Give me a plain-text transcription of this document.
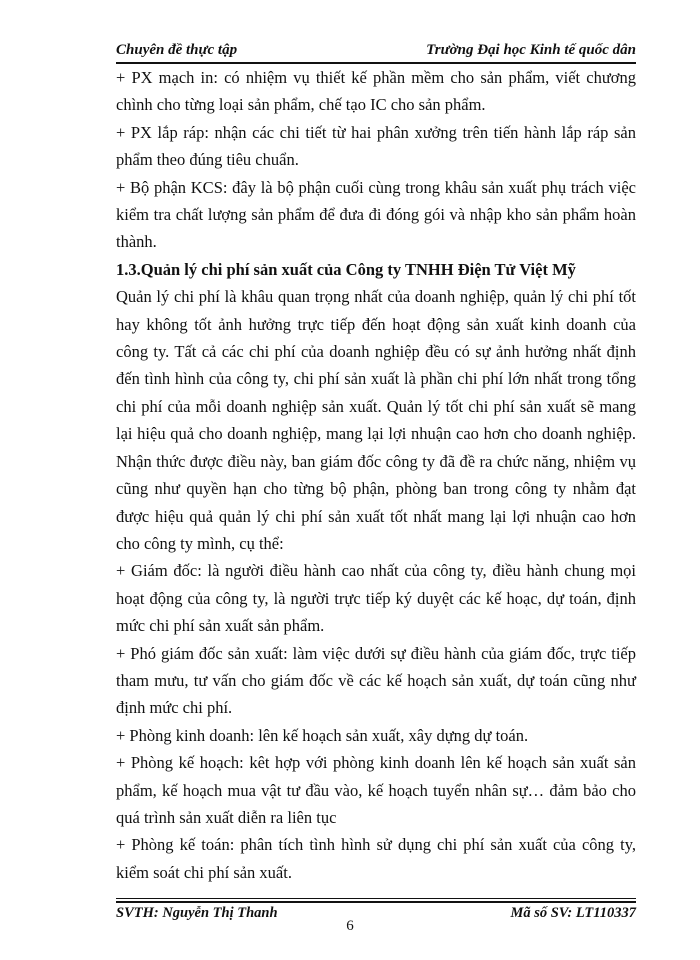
Chuyên đề thực tập	Trường Đại học Kinh tế quốc dân

+ PX mạch in: có nhiệm vụ thiết kế phần mềm cho sản phẩm, viết chương chình cho từng loại sản phẩm, chế tạo IC cho sản phẩm.

+ PX lắp ráp: nhận các chi tiết từ hai phân xưởng trên tiến hành lắp ráp sản phẩm theo đúng tiêu chuẩn.

+ Bộ phận KCS: đây là bộ phận cuối cùng trong khâu sản xuất phụ trách việc kiểm tra chất lượng sản phẩm để đưa đi đóng gói và nhập kho sản phẩm hoàn thành.

1.3.Quản lý chi phí sản xuất của Công ty TNHH Điện Tử Việt Mỹ

Quản lý chi phí là khâu quan trọng nhất của doanh nghiệp, quản lý chi phí tốt hay không tốt ảnh hưởng trực tiếp đến hoạt động sản xuất kinh doanh của công ty. Tất cả các chi phí của doanh nghiệp đều có sự ảnh hưởng nhất định đến tình hình của công ty, chi phí sản xuất là phần chi phí lớn nhất trong tổng chi phí của mỗi doanh nghiệp sản xuất. Quản lý tốt chi phí sản xuất sẽ mang lại hiệu quả cho doanh nghiệp, mang lại lợi nhuận cao hơn cho doanh nghiệp. Nhận thức được điều này, ban giám đốc công ty đã đề ra chức năng, nhiệm vụ cũng như quyền hạn cho từng bộ phận, phòng ban trong công ty nhằm đạt được hiệu quả quản lý chi phí sản xuất tốt nhất mang lại lợi nhuận cao hơn cho công ty mình, cụ thể:

+ Giám đốc: là người điều hành cao nhất của công ty, điều hành chung mọi hoạt động của công ty, là người trực tiếp ký duyệt các kế hoạc, dự toán, định mức chi phí sản xuất sản phẩm.

+ Phó giám đốc sản xuất: làm việc dưới sự điều hành của giám đốc, trực tiếp tham mưu, tư vấn cho giám đốc về các kế hoạch sản xuất, dự toán cũng như định mức chi phí.

+ Phòng kinh doanh: lên kế hoạch sản xuất, xây dựng dự toán.

+ Phòng kế hoạch: kêt hợp với phòng kinh doanh lên kế hoạch sản xuất sản phẩm, kế hoạch mua vật tư đầu vào, kế hoạch tuyển nhân sự… đảm bảo cho quá trình sản xuất diễn ra liên tục

+ Phòng kế toán: phân tích tình hình sử dụng chi phí sản xuất của công ty, kiểm soát chi phí sản xuất.

SVTH: Nguyễn Thị Thanh	Mã số SV: LT110337
6
